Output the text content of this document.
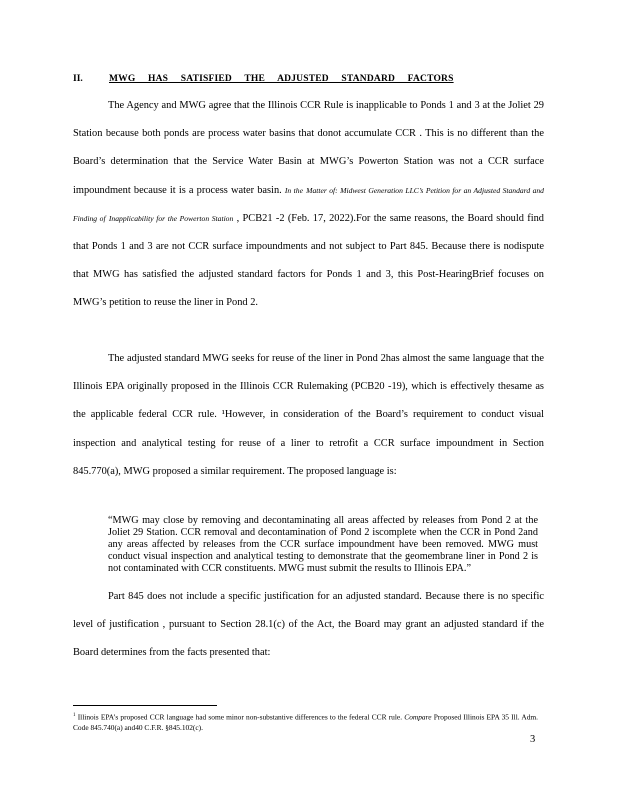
II.	MWG HAS SATISFIED THE ADJUSTED STANDARD FACTORS

The Agency and MWG agree that the Illinois CCR Rule is inapplicable to Ponds 1 and 3 at the Joliet 29 Station because both ponds are process water basins that donot accumulate CCR . This is no different than the Board’s determination that the Service Water Basin at MWG’s Powerton Station was not a CCR surface impoundment because it is a process water basin. In the Matter of: Midwest Generation LLC’s Petition for an Adjusted Standard and Finding of Inapplicability for the Powerton Station , PCB21 -2 (Feb. 17, 2022).For the same reasons, the Board should find that Ponds 1 and 3 are not CCR surface impoundments and not subject to Part 845. Because there is nodispute that MWG has satisfied the adjusted standard factors for Ponds 1 and 3, this Post-HearingBrief focuses on MWG’s petition to reuse the liner in Pond 2.

The adjusted standard MWG seeks for reuse of the liner in Pond 2has almost the same language that the Illinois EPA originally proposed in the Illinois CCR Rulemaking (PCB20 -19), which is effectively thesame as the applicable federal CCR rule. ¹However, in consideration of the Board’s requirement to conduct visual inspection and analytical testing for reuse of a liner to retrofit a CCR surface impoundment in Section 845.770(a), MWG proposed a similar requirement. The proposed language is:

“MWG may close by removing and decontaminating all areas affected by releases from Pond 2 at the Joliet 29 Station. CCR removal and decontamination of Pond 2 iscomplete when the CCR in Pond 2and any areas affected by releases from the CCR surface impoundment have been removed. MWG must conduct visual inspection and analytical testing to demonstrate that the geomembrane liner in Pond 2 is not contaminated with CCR constituents. MWG must submit the results to Illinois EPA.”

Part 845 does not include a specific justification for an adjusted standard. Because there is no specific level of justification , pursuant to Section 28.1(c) of the Act, the Board may grant an adjusted standard if the Board determines from the facts presented that:

$^1$ Illinois EPA’s proposed CCR language had some minor non-substantive differences to the federal CCR rule. Compare Proposed Illinois EPA 35 Ill. Adm. Code 845.740(a) and40 C.F.R. §845.102(c).

3
